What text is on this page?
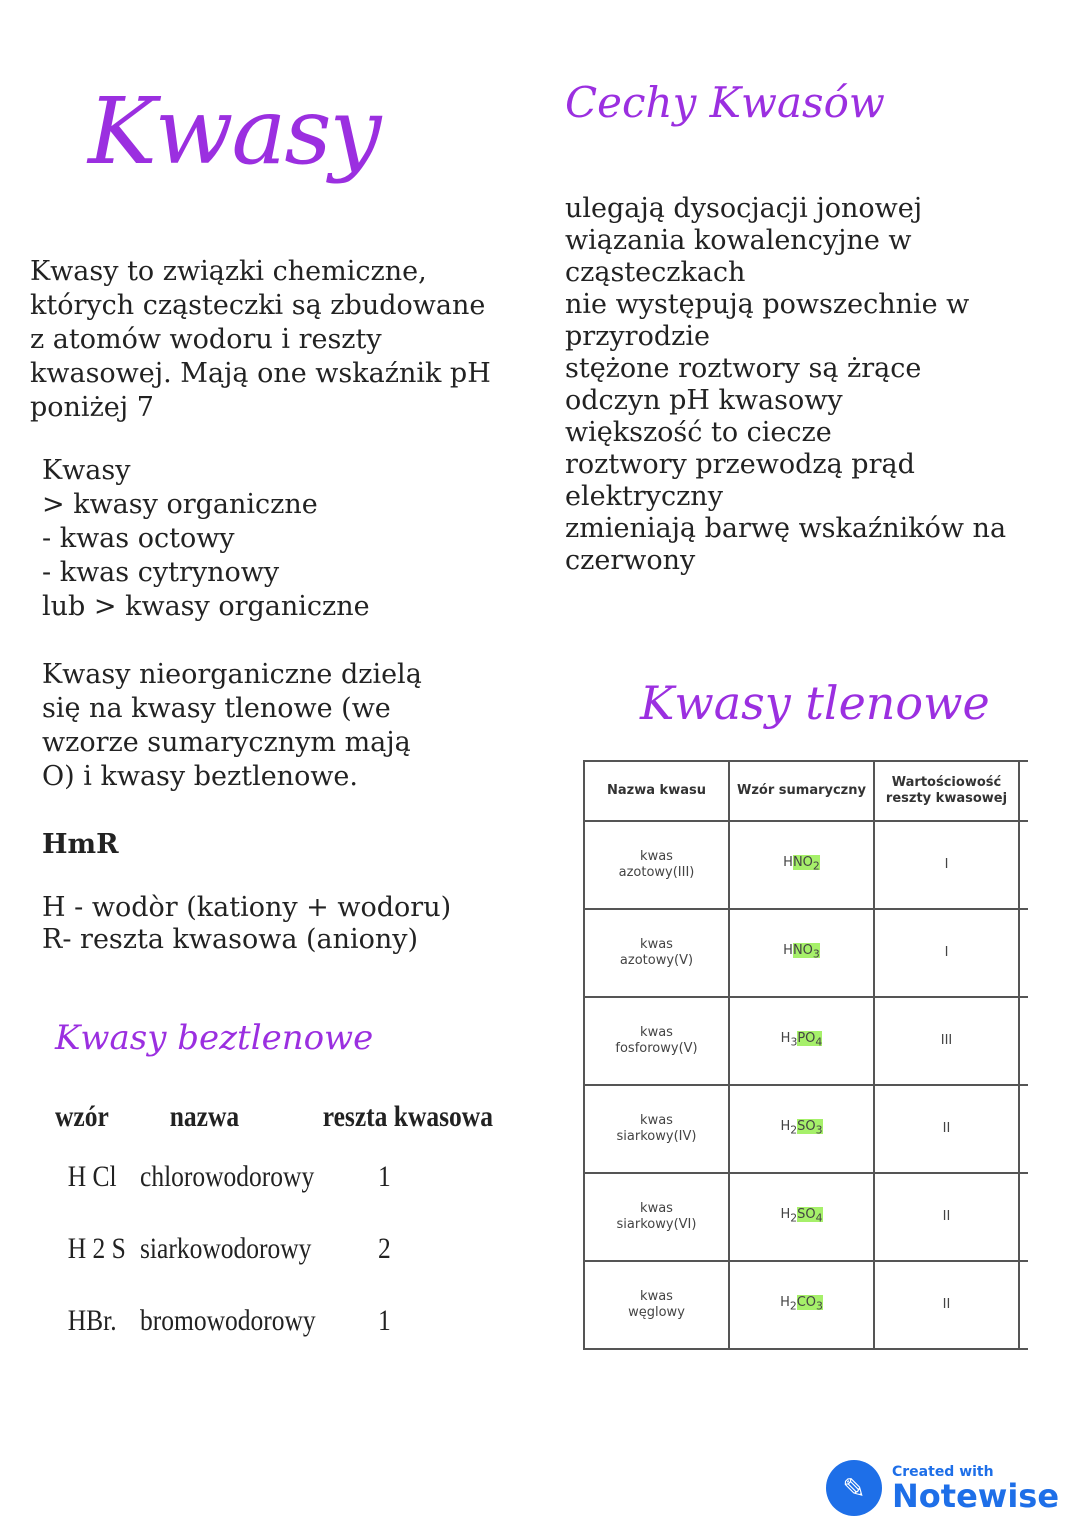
Kwasy
Kwasy to związki chemiczne,
których cząsteczki są zbudowane
z atomów wodoru i reszty
kwasowej. Mają one wskaźnik pH
poniżej 7
Kwasy
> kwasy organiczne
- kwas octowy
- kwas cytrynowy
lub > kwasy organiczne
Kwasy nieorganiczne dzielą
się na kwasy tlenowe (we
wzorze sumarycznym mają
O) i kwasy beztlenowe.
HmR
H - wodòr (kationy + wodoru)
R- reszta kwasowa (aniony)
Cechy Kwasów
ulegają dysocjacji jonowej
wiązania kowalencyjne w cząsteczkach
nie występują powszechnie w przyrodzie
stężone roztwory są żrące
odczyn pH kwasowy
większość to ciecze
roztwory przewodzą prąd elektryczny
zmieniają barwę wskaźników na czerwony
Kwasy beztlenowe
wzór nazwa	reszta kwasowa
H Cl chlorowodorowy 1
H 2 S siarkowodorowy 2
HBr. bromowodorowy 1
Kwasy tlenowe
Nazwa kwasu	Wzór sumaryczny	Wartościowość reszty kwasowej	

kwas
azotowy(III)	$HNO_2$	I	

kwas
azotowy(V)	$HNO_3$	I	

kwas
fosforowy(V)	$H_3PO_4$	III	

kwas
siarkowy(IV)	$H_2SO_3$	II	

kwas
siarkowy(VI)	$H_2SO_4$	II	

kwas
węglowy	$H_2CO_3$	II	
✎	Created with
Notewise
